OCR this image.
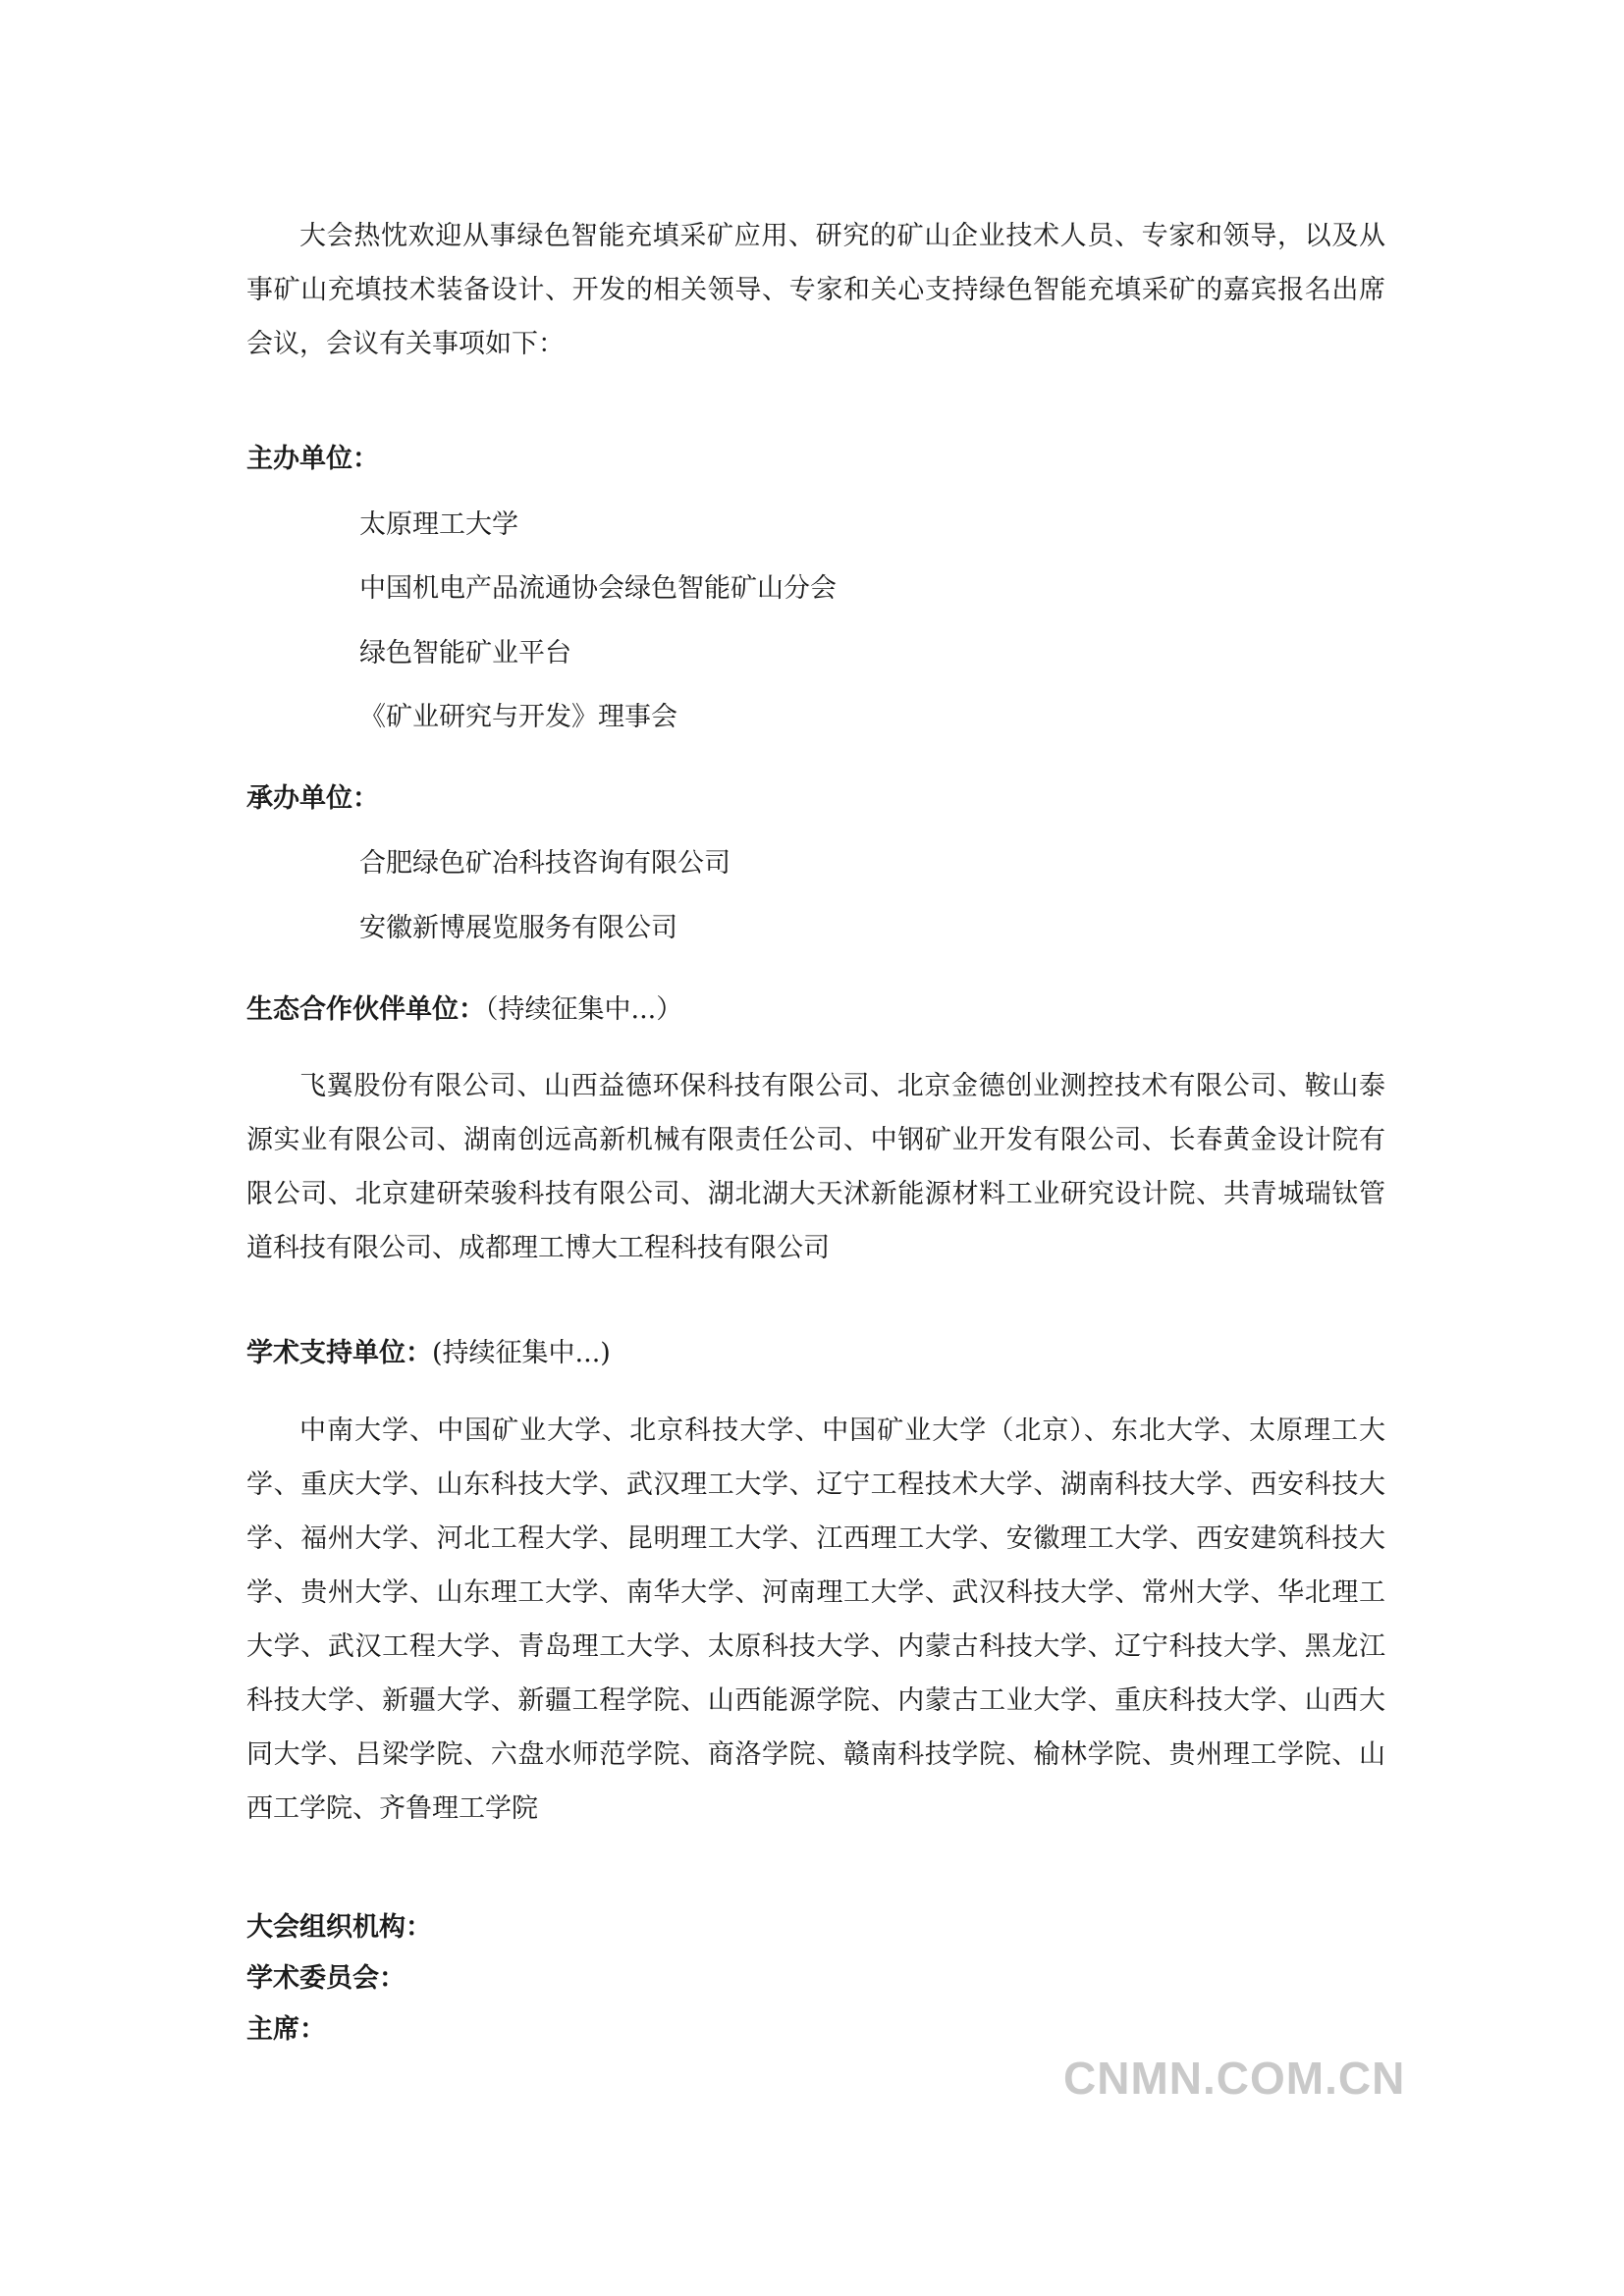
大会热忱欢迎从事绿色智能充填采矿应用、研究的矿山企业技术人员、专家和领导，以及从事矿山充填技术装备设计、开发的相关领导、专家和关心支持绿色智能充填采矿的嘉宾报名出席会议，会议有关事项如下：

主办单位：

太原理工大学

中国机电产品流通协会绿色智能矿山分会

绿色智能矿业平台

《矿业研究与开发》理事会

承办单位：

合肥绿色矿冶科技咨询有限公司

安徽新博展览服务有限公司

生态合作伙伴单位：（持续征集中...）

飞翼股份有限公司、山西益德环保科技有限公司、北京金德创业测控技术有限公司、鞍山泰源实业有限公司、湖南创远高新机械有限责任公司、中钢矿业开发有限公司、长春黄金设计院有限公司、北京建研荣骏科技有限公司、湖北湖大天沭新能源材料工业研究设计院、共青城瑞钛管道科技有限公司、成都理工博大工程科技有限公司

学术支持单位：(持续征集中...)

中南大学、中国矿业大学、北京科技大学、中国矿业大学（北京）、东北大学、太原理工大学、重庆大学、山东科技大学、武汉理工大学、辽宁工程技术大学、湖南科技大学、西安科技大学、福州大学、河北工程大学、昆明理工大学、江西理工大学、安徽理工大学、西安建筑科技大学、贵州大学、山东理工大学、南华大学、河南理工大学、武汉科技大学、常州大学、华北理工大学、武汉工程大学、青岛理工大学、太原科技大学、内蒙古科技大学、辽宁科技大学、黑龙江科技大学、新疆大学、新疆工程学院、山西能源学院、内蒙古工业大学、重庆科技大学、山西大同大学、吕梁学院、六盘水师范学院、商洛学院、赣南科技学院、榆林学院、贵州理工学院、山西工学院、齐鲁理工学院

大会组织机构：

学术委员会：

主席：

CNMN.COM.CN
